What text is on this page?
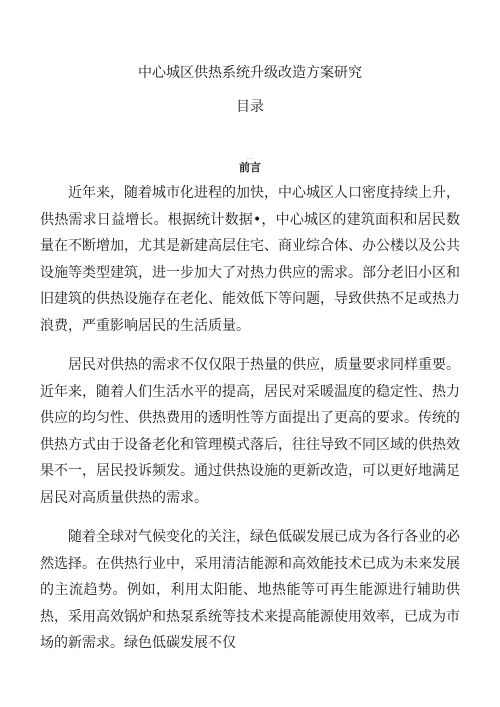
中心城区供热系统升级改造方案研究
目录
...
前言

近年来，随着城市化进程的加快，中心城区人口密度持续上升，供热需求日益增长。根据统计数据•，中心城区的建筑面积和居民数量在不断增加，尤其是新建高层住宅、商业综合体、办公楼以及公共设施等类型建筑，进一步加大了对热力供应的需求。部分老旧小区和旧建筑的供热设施存在老化、能效低下等问题，导致供热不足或热力浪费，严重影响居民的生活质量。

居民对供热的需求不仅仅限于热量的供应，质量要求同样重要。近年来，随着人们生活水平的提高，居民对采暖温度的稳定性、热力供应的均匀性、供热费用的透明性等方面提出了更高的要求。传统的供热方式由于设备老化和管理模式落后，往往导致不同区域的供热效果不一，居民投诉频发。通过供热设施的更新改造，可以更好地满足居民对高质量供热的需求。

随着全球对气候变化的关注，绿色低碳发展已成为各行各业的必然选择。在供热行业中，采用清洁能源和高效能技术已成为未来发展的主流趋势。例如，利用太阳能、地热能等可再生能源进行辅助供热，采用高效锅炉和热泵系统等技术来提高能源使用效率，已成为市场的新需求。绿色低碳发展不仅
